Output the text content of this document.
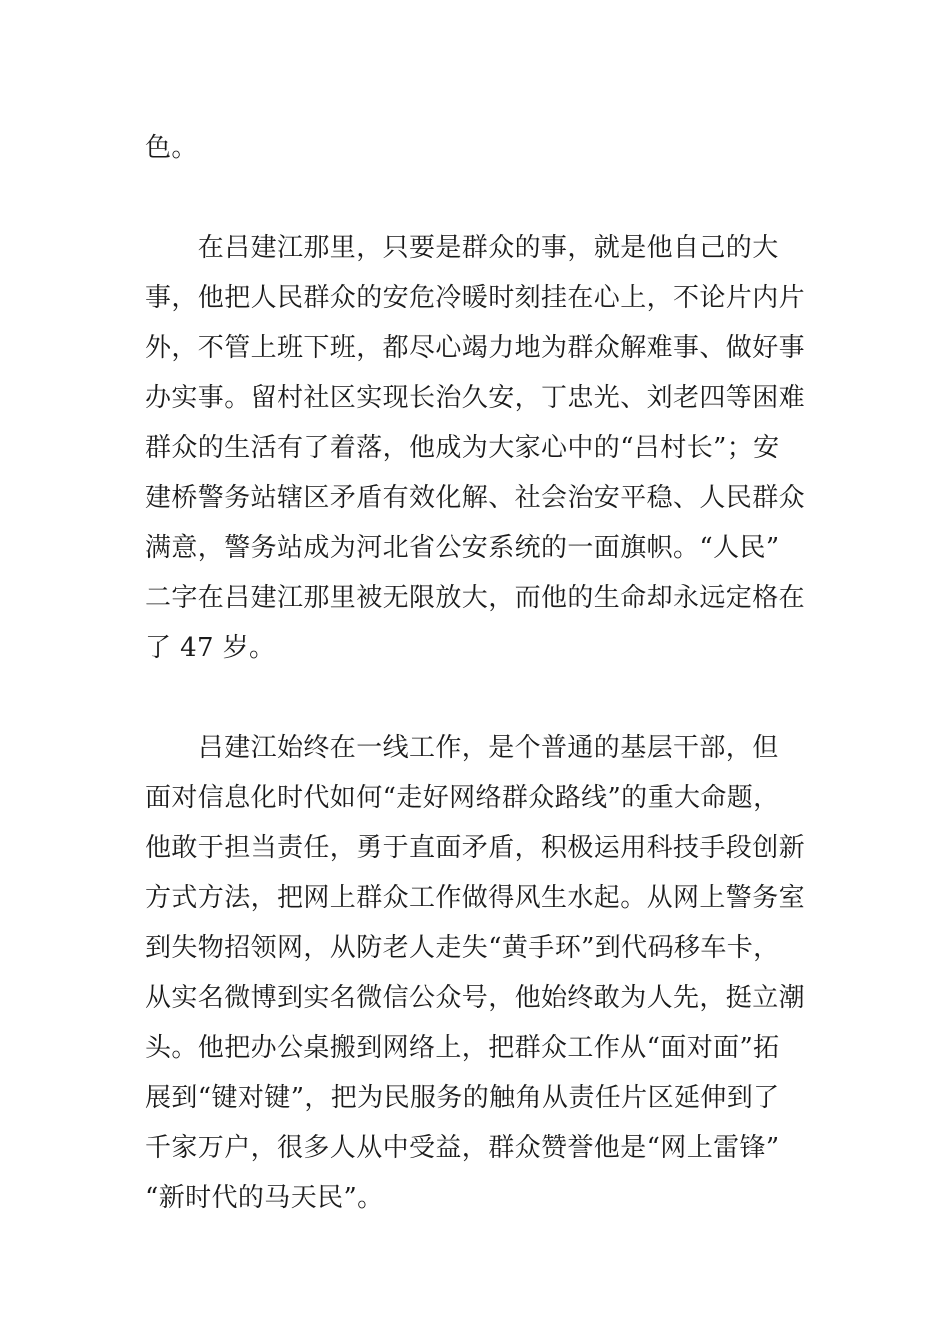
色。
　　在吕建江那里，只要是群众的事，就是他自己的大
事，他把人民群众的安危冷暖时刻挂在心上，不论片内片
外，不管上班下班，都尽心竭力地为群众解难事、做好事
办实事。留村社区实现长治久安，丁忠光、刘老四等困难
群众的生活有了着落，他成为大家心中的“吕村长”；安
建桥警务站辖区矛盾有效化解、社会治安平稳、人民群众
满意，警务站成为河北省公安系统的一面旗帜。“人民”
二字在吕建江那里被无限放大，而他的生命却永远定格在
了 47 岁。
　　吕建江始终在一线工作，是个普通的基层干部，但
面对信息化时代如何“走好网络群众路线”的重大命题，
他敢于担当责任，勇于直面矛盾，积极运用科技手段创新
方式方法，把网上群众工作做得风生水起。从网上警务室
到失物招领网，从防老人走失“黄手环”到代码移车卡，
从实名微博到实名微信公众号，他始终敢为人先，挺立潮
头。他把办公桌搬到网络上，把群众工作从“面对面”拓
展到“键对键”，把为民服务的触角从责任片区延伸到了
千家万户，很多人从中受益，群众赞誉他是“网上雷锋”
“新时代的马天民”。
